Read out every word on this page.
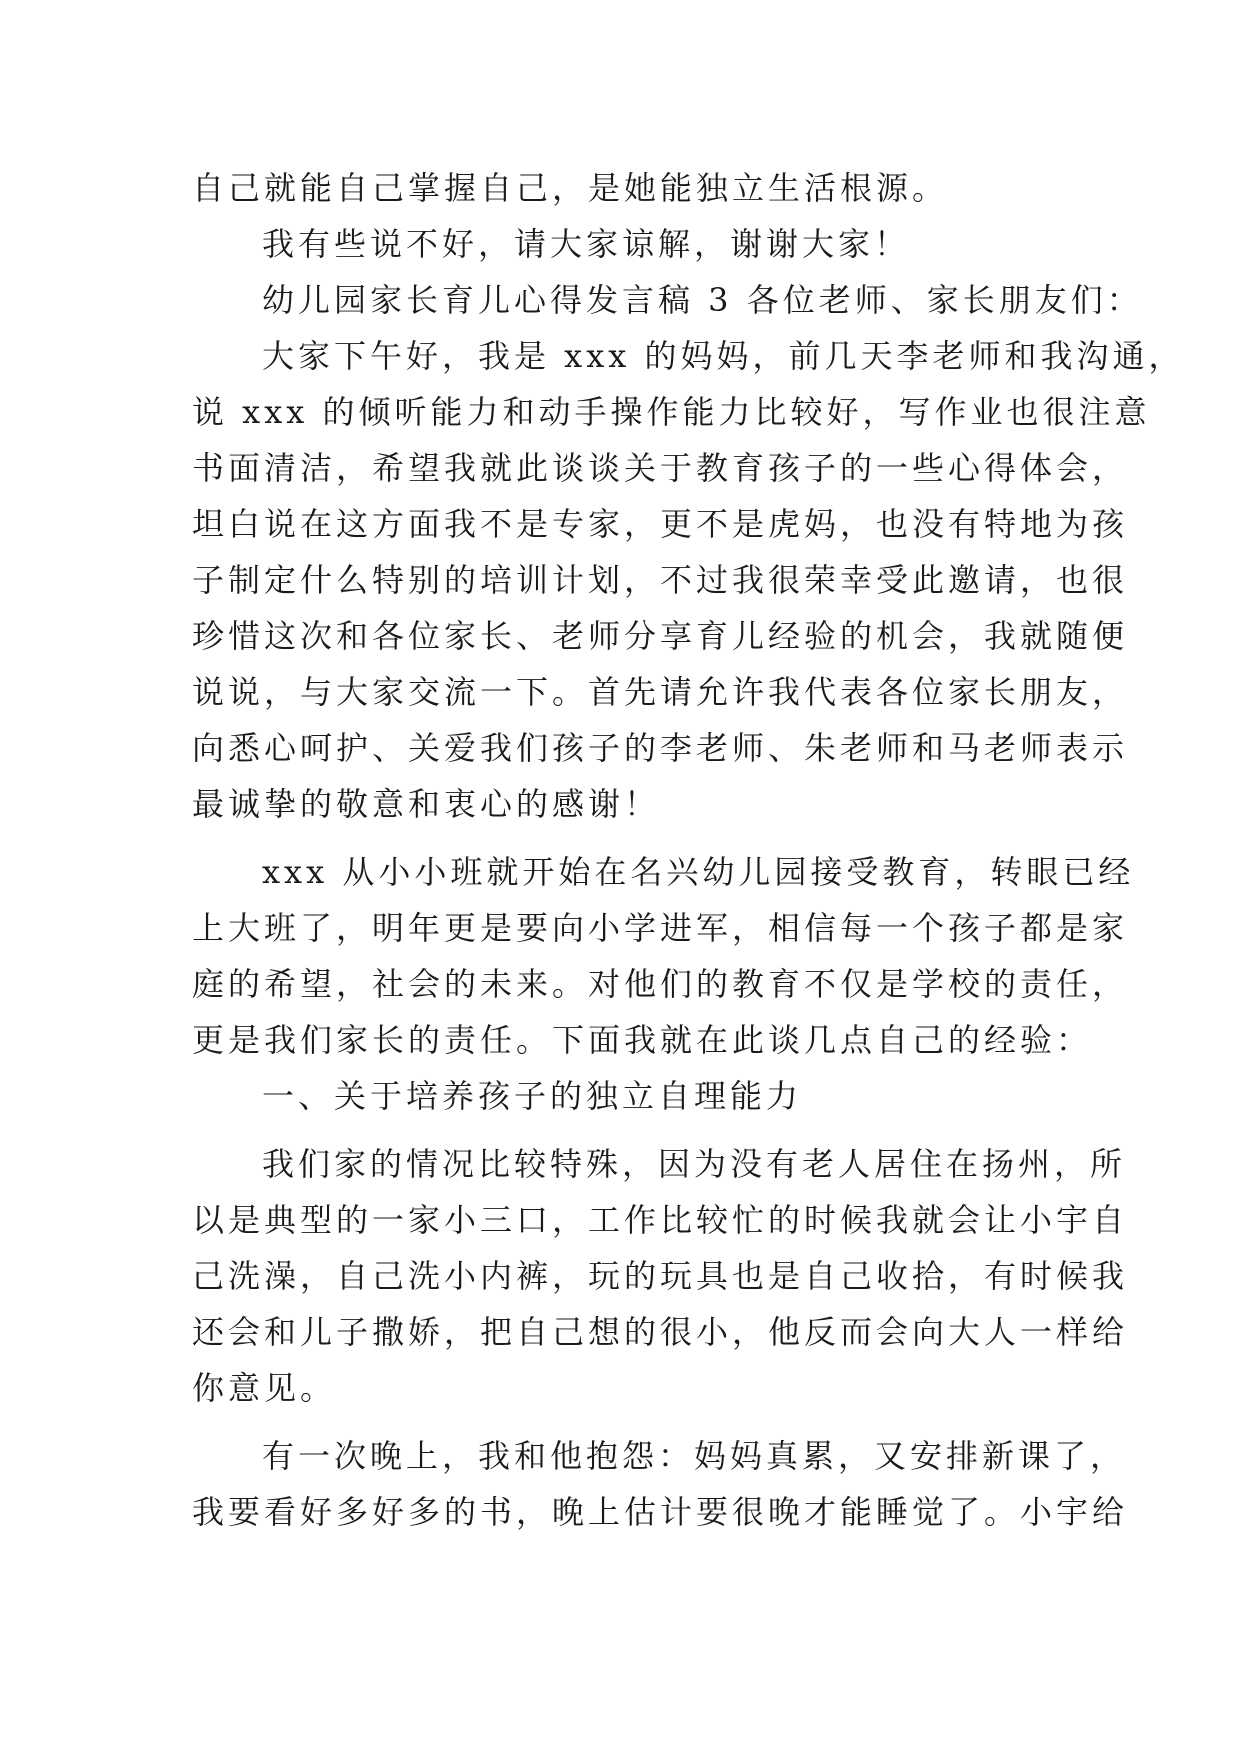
自己就能自己掌握自己，是她能独立生活根源。
我有些说不好，请大家谅解，谢谢大家！
幼儿园家长育儿心得发言稿 3 各位老师、家长朋友们：
大家下午好，我是 xxx 的妈妈，前几天李老师和我沟通，
说 xxx 的倾听能力和动手操作能力比较好，写作业也很注意
书面清洁，希望我就此谈谈关于教育孩子的一些心得体会，
坦白说在这方面我不是专家，更不是虎妈，也没有特地为孩
子制定什么特别的培训计划，不过我很荣幸受此邀请，也很
珍惜这次和各位家长、老师分享育儿经验的机会，我就随便
说说，与大家交流一下。首先请允许我代表各位家长朋友，
向悉心呵护、关爱我们孩子的李老师、朱老师和马老师表示
最诚挚的敬意和衷心的感谢！
xxx 从小小班就开始在名兴幼儿园接受教育，转眼已经
上大班了，明年更是要向小学进军，相信每一个孩子都是家
庭的希望，社会的未来。对他们的教育不仅是学校的责任，
更是我们家长的责任。下面我就在此谈几点自己的经验：
一、关于培养孩子的独立自理能力
我们家的情况比较特殊，因为没有老人居住在扬州，所
以是典型的一家小三口，工作比较忙的时候我就会让小宇自
己洗澡，自己洗小内裤，玩的玩具也是自己收拾，有时候我
还会和儿子撒娇，把自己想的很小，他反而会向大人一样给
你意见。
有一次晚上，我和他抱怨：妈妈真累，又安排新课了，
我要看好多好多的书，晚上估计要很晚才能睡觉了。小宇给
